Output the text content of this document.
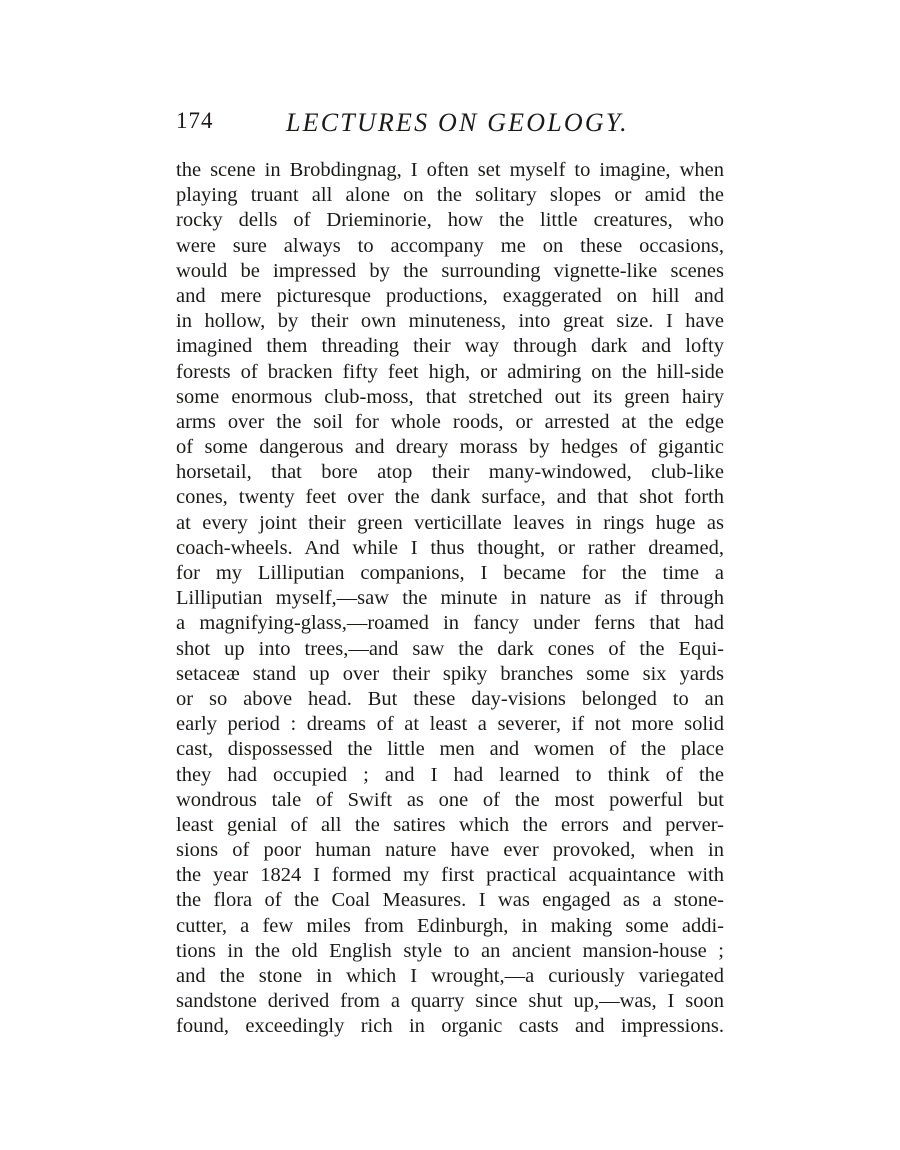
174	LECTURES ON GEOLOGY.
the scene in Brobdingnag, I often set myself to imagine, when
playing truant all alone on the solitary slopes or amid the
rocky dells of Drieminorie, how the little creatures, who
were sure always to accompany me on these occasions,
would be impressed by the surrounding vignette-like scenes
and mere picturesque productions, exaggerated on hill and
in hollow, by their own minuteness, into great size. I have
imagined them threading their way through dark and lofty
forests of bracken fifty feet high, or admiring on the hill-side
some enormous club-moss, that stretched out its green hairy
arms over the soil for whole roods, or arrested at the edge
of some dangerous and dreary morass by hedges of gigantic
horsetail, that bore atop their many-windowed, club-like
cones, twenty feet over the dank surface, and that shot forth
at every joint their green verticillate leaves in rings huge as
coach-wheels. And while I thus thought, or rather dreamed,
for my Lilliputian companions, I became for the time a
Lilliputian myself,—saw the minute in nature as if through
a magnifying-glass,—roamed in fancy under ferns that had
shot up into trees,—and saw the dark cones of the Equi-
setaceæ stand up over their spiky branches some six yards
or so above head. But these day-visions belonged to an
early period : dreams of at least a severer, if not more solid
cast, dispossessed the little men and women of the place
they had occupied ; and I had learned to think of the
wondrous tale of Swift as one of the most powerful but
least genial of all the satires which the errors and perver-
sions of poor human nature have ever provoked, when in
the year 1824 I formed my first practical acquaintance with
the flora of the Coal Measures. I was engaged as a stone-
cutter, a few miles from Edinburgh, in making some addi-
tions in the old English style to an ancient mansion-house ;
and the stone in which I wrought,—a curiously variegated
sandstone derived from a quarry since shut up,—was, I soon
found, exceedingly rich in organic casts and impressions.
